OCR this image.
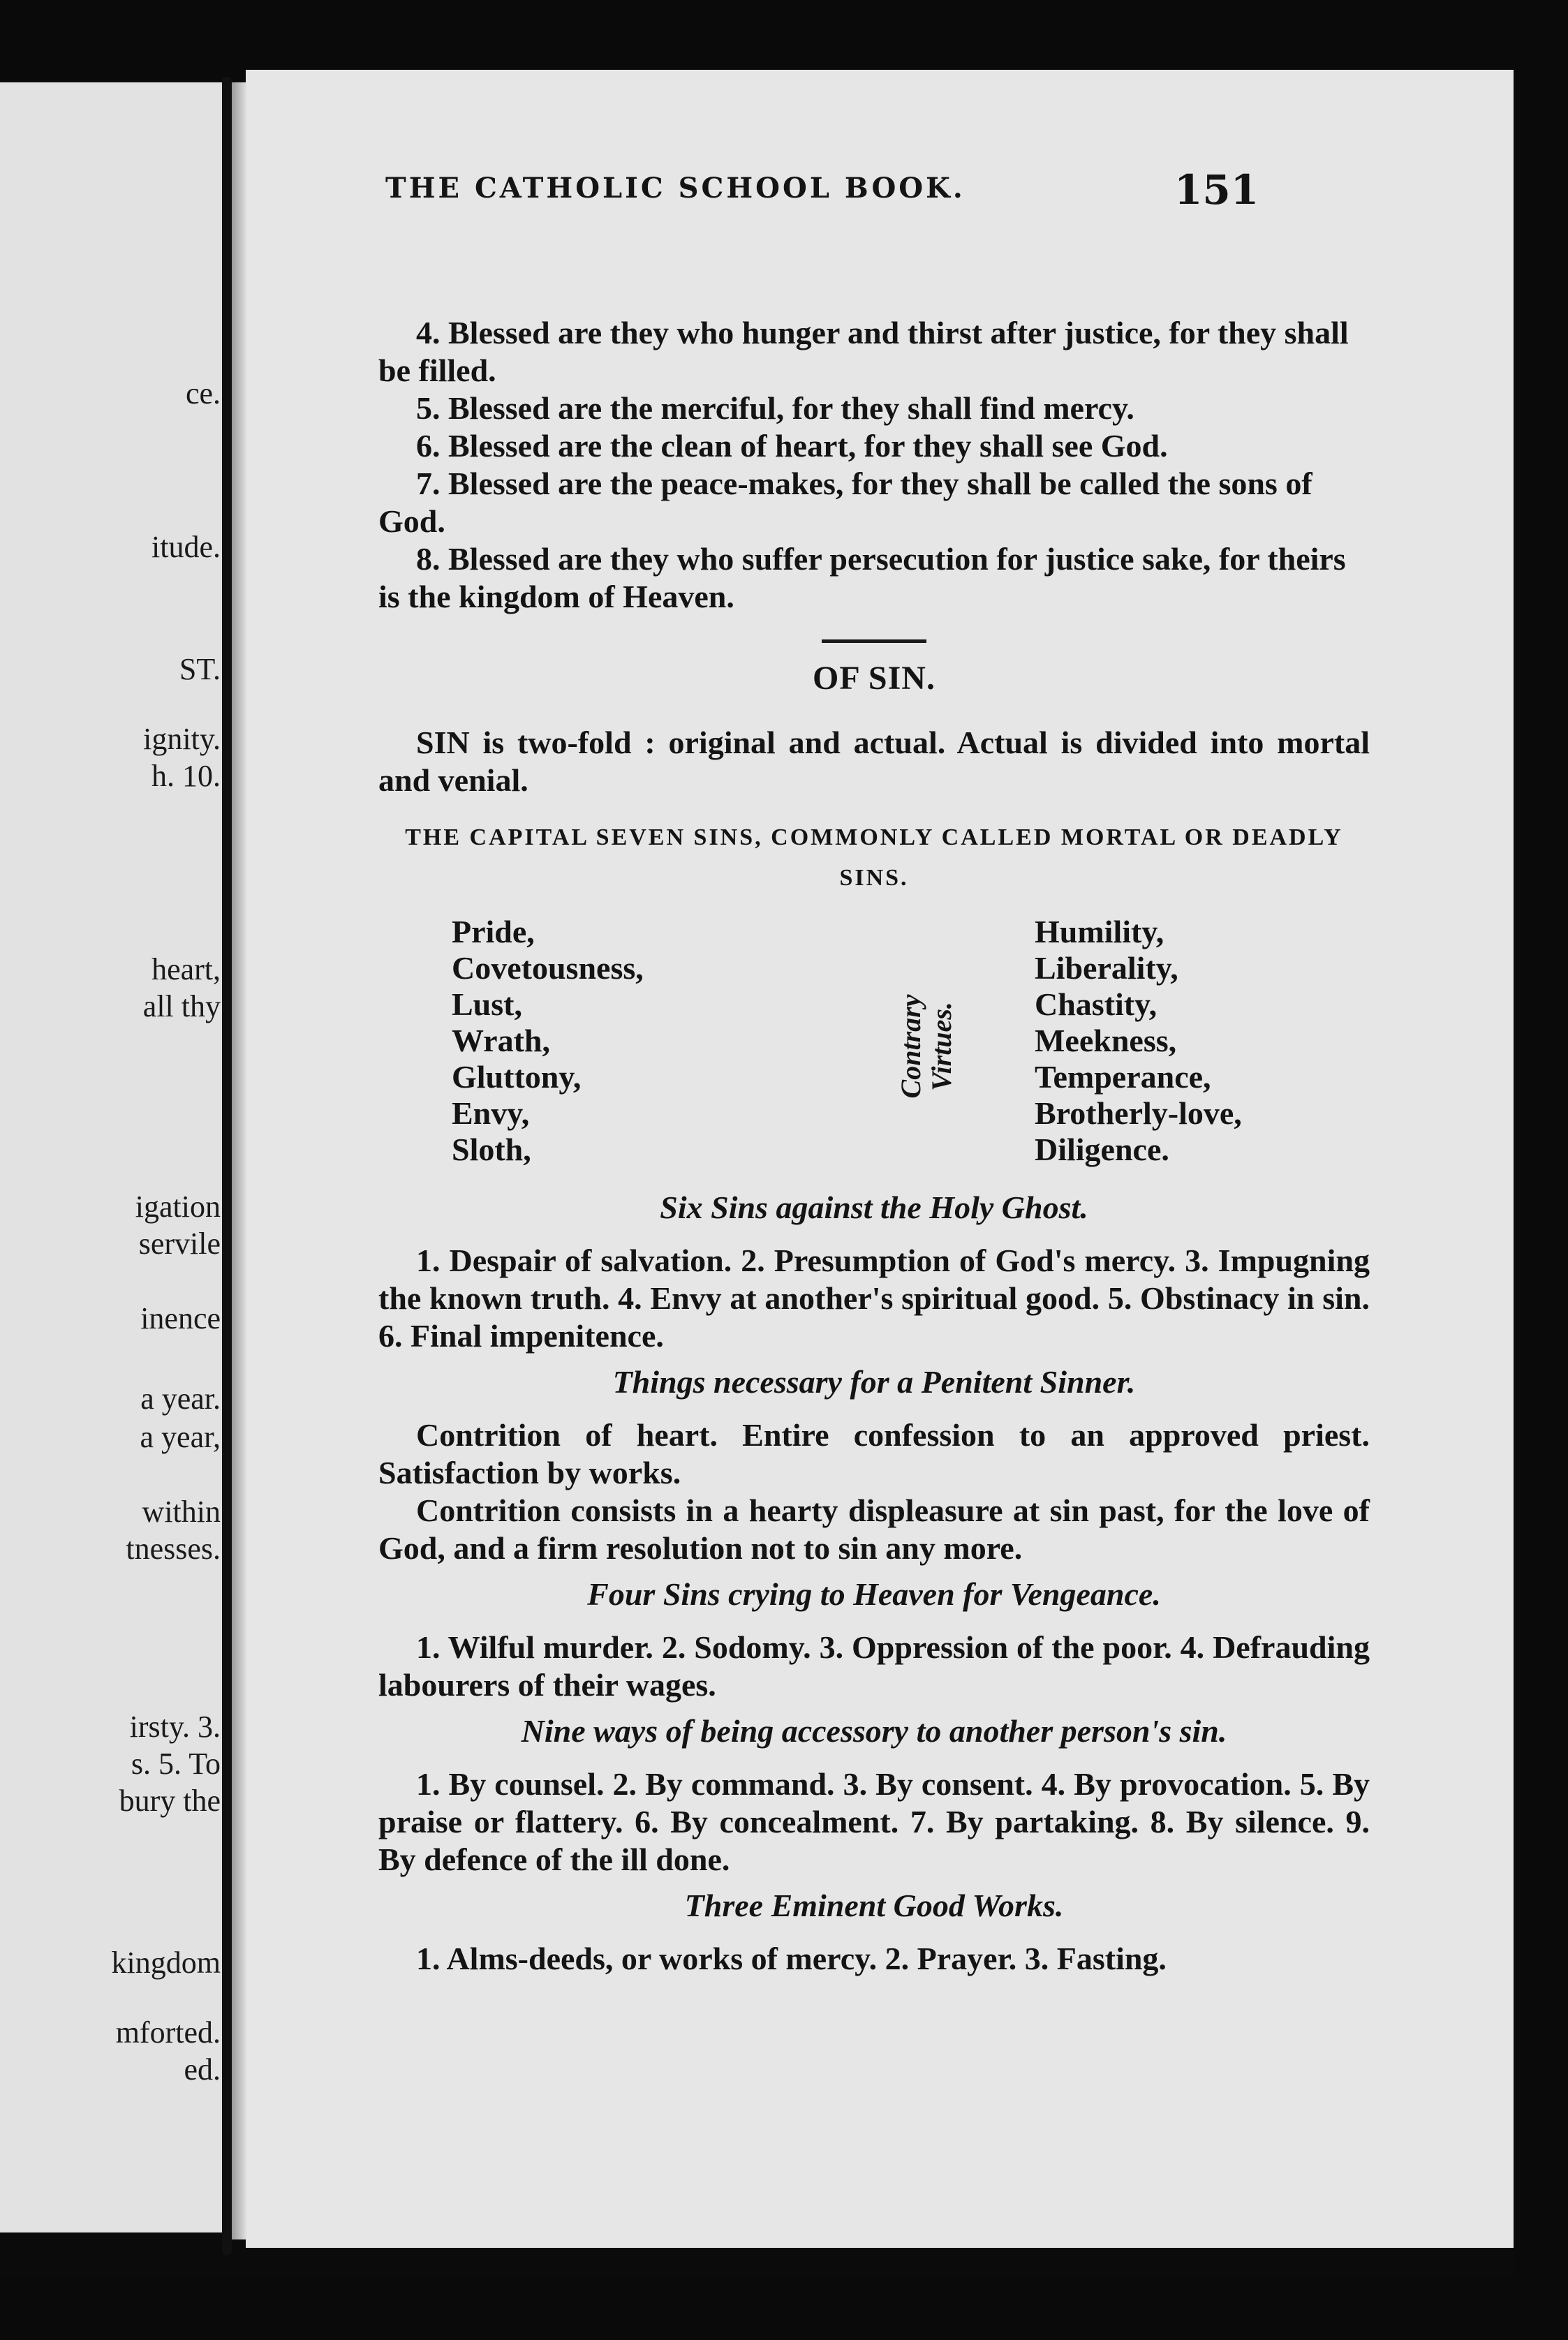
ce.
itude.
ST.
ignity.
h. 10.
heart,
all thy
igation
servile
inence
a year.
a year,
within
tnesses.
irsty. 3.
s. 5. To
bury the
kingdom
mforted.
ed.
THE CATHOLIC SCHOOL BOOK.	151

4. Blessed are they who hunger and thirst after justice, for they shall be filled.

5. Blessed are the merciful, for they shall find mercy.

6. Blessed are the clean of heart, for they shall see God.

7. Blessed are the peace-makes, for they shall be called the sons of God.

8. Blessed are they who suffer persecution for justice sake, for theirs is the kingdom of Heaven.

OF SIN.

SIN is two-fold : original and actual. Actual is divided into mortal and venial.

THE CAPITAL SEVEN SINS, COMMONLY CALLED MORTAL OR DEADLY SINS.
Pride,
Covetousness,
Lust,
Wrath,
Gluttony,
Envy,
Sloth,
Contrary Virtues.
Humility,
Liberality,
Chastity,
Meekness,
Temperance,
Brotherly-love,
Diligence.
Six Sins against the Holy Ghost.

1. Despair of salvation. 2. Presumption of God's mercy. 3. Impugning the known truth. 4. Envy at another's spiritual good. 5. Obstinacy in sin. 6. Final impenitence.

Things necessary for a Penitent Sinner.

Contrition of heart. Entire confession to an approved priest. Satisfaction by works.

Contrition consists in a hearty displeasure at sin past, for the love of God, and a firm resolution not to sin any more.

Four Sins crying to Heaven for Vengeance.

1. Wilful murder. 2. Sodomy. 3. Oppression of the poor. 4. Defrauding labourers of their wages.

Nine ways of being accessory to another person's sin.

1. By counsel. 2. By command. 3. By consent. 4. By provocation. 5. By praise or flattery. 6. By concealment. 7. By partaking. 8. By silence. 9. By defence of the ill done.

Three Eminent Good Works.

1. Alms-deeds, or works of mercy. 2. Prayer. 3. Fasting.
